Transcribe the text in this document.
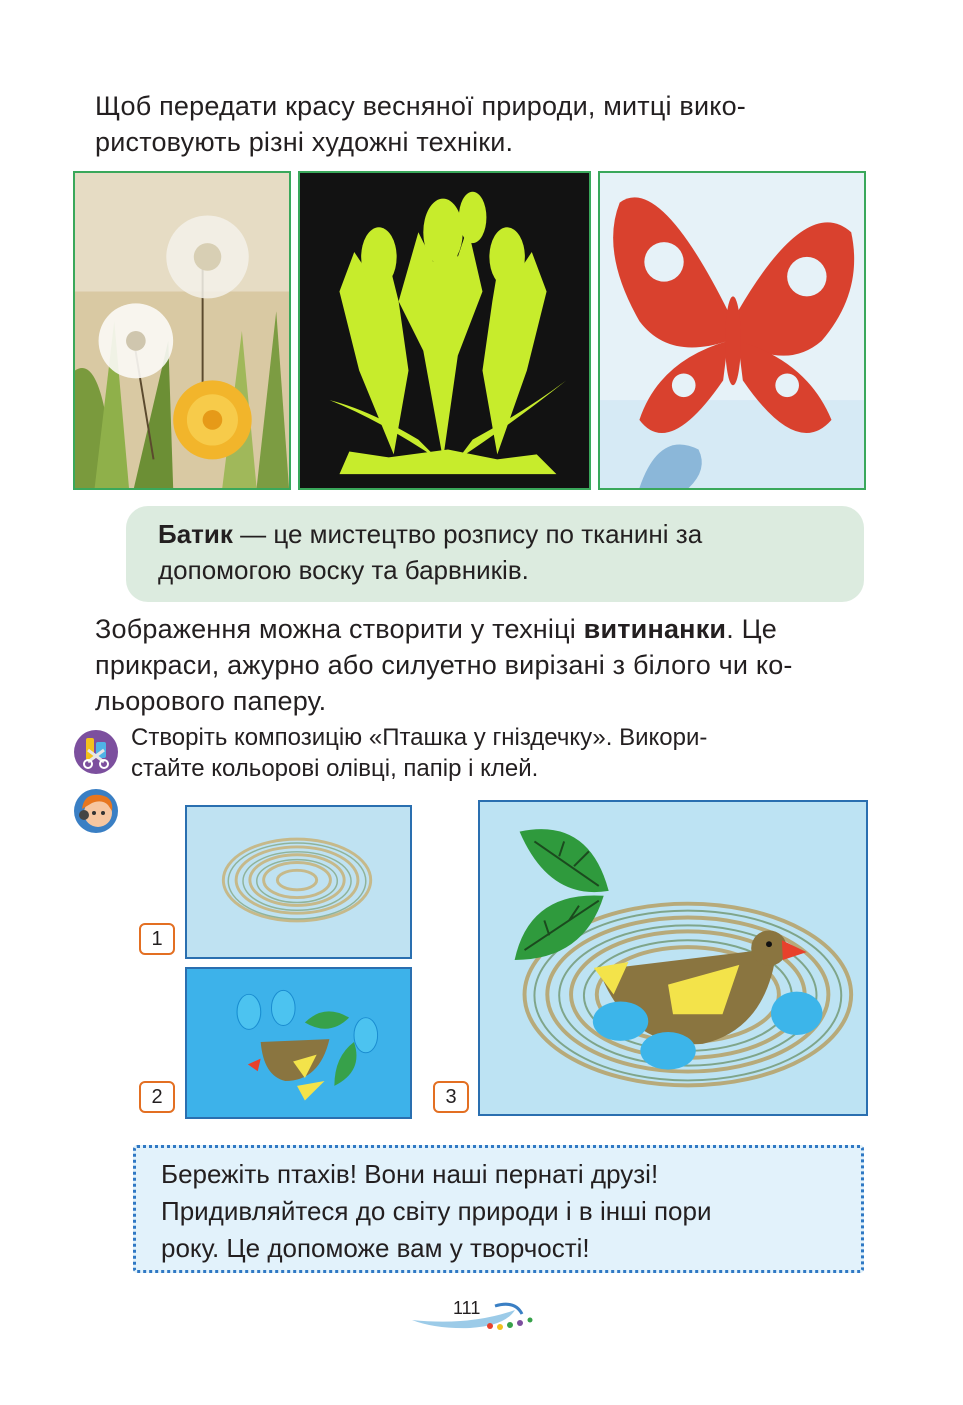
Щоб передати красу весняної природи, митці вико-
ристовують різні художні техніки.

Батик — це мистецтво розпису по тканині за
допомогою воску та барвників.

Зображення можна створити у техніці витинанки. Це
прикраси, ажурно або силуетно вирізані з білого чи ко-
льорового паперу.

Створіть композицію «Пташка у гніздечку». Викори-
стайте кольорові олівці, папір і клей.

1
2	3

Бережіть птахів! Вони наші пернаті друзі!
Придивляйтеся до світу природи і в інші пори
року. Це допоможе вам у творчості!

111
